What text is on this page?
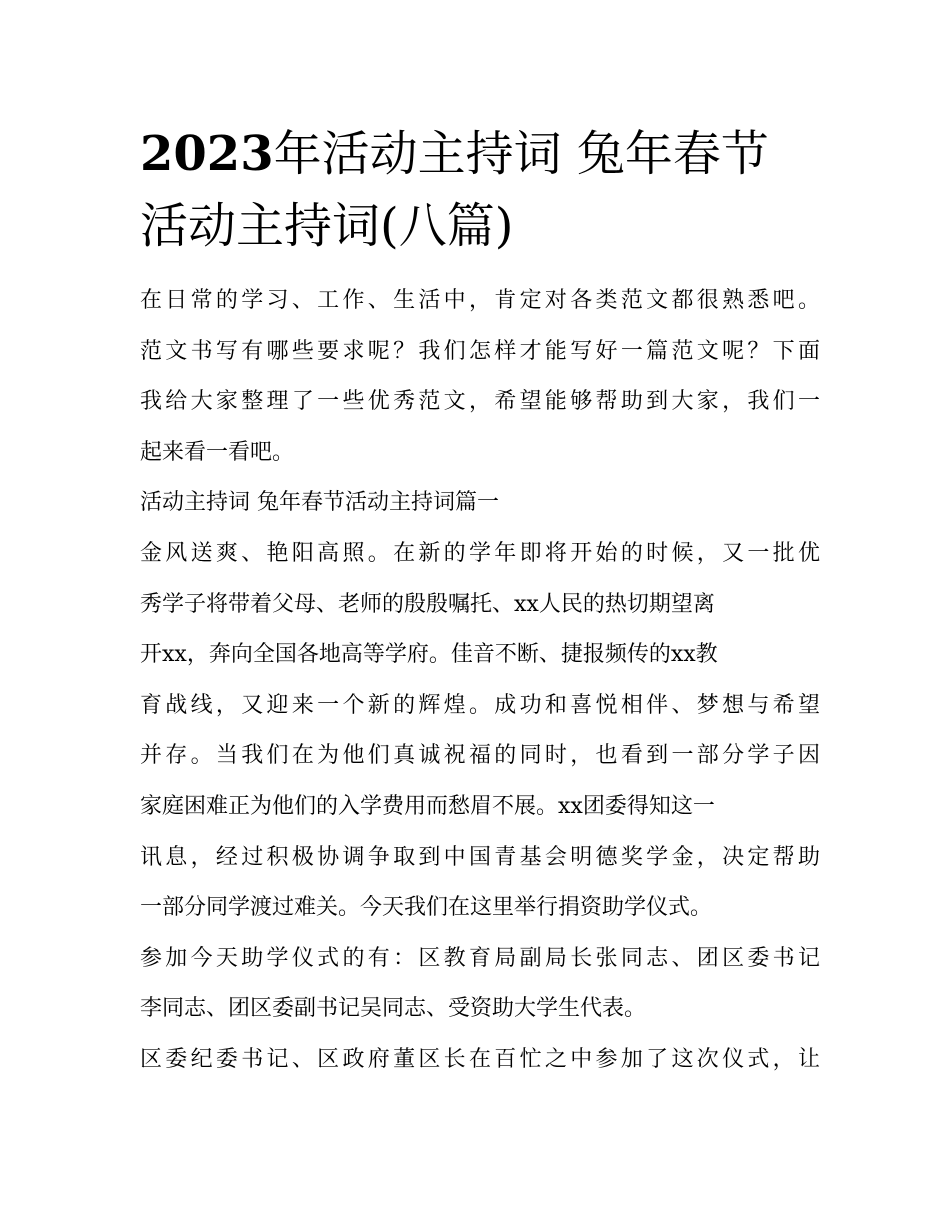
2023年活动主持词 兔年春节
活动主持词(八篇)
在日常的学习、工作、生活中，肯定对各类范文都很熟悉吧。
范文书写有哪些要求呢？我们怎样才能写好一篇范文呢？下面
我给大家整理了一些优秀范文，希望能够帮助到大家，我们一
起来看一看吧。
活动主持词 兔年春节活动主持词篇一
金风送爽、艳阳高照。在新的学年即将开始的时候，又一批优
秀学子将带着父母、老师的殷殷嘱托、xx人民的热切期望离
开xx，奔向全国各地高等学府。佳音不断、捷报频传的xx教
育战线，又迎来一个新的辉煌。成功和喜悦相伴、梦想与希望
并存。当我们在为他们真诚祝福的同时，也看到一部分学子因
家庭困难正为他们的入学费用而愁眉不展。xx团委得知这一
讯息，经过积极协调争取到中国青基会明德奖学金，决定帮助
一部分同学渡过难关。今天我们在这里举行捐资助学仪式。
参加今天助学仪式的有：区教育局副局长张同志、团区委书记
李同志、团区委副书记吴同志、受资助大学生代表。
区委纪委书记、区政府董区长在百忙之中参加了这次仪式，让
